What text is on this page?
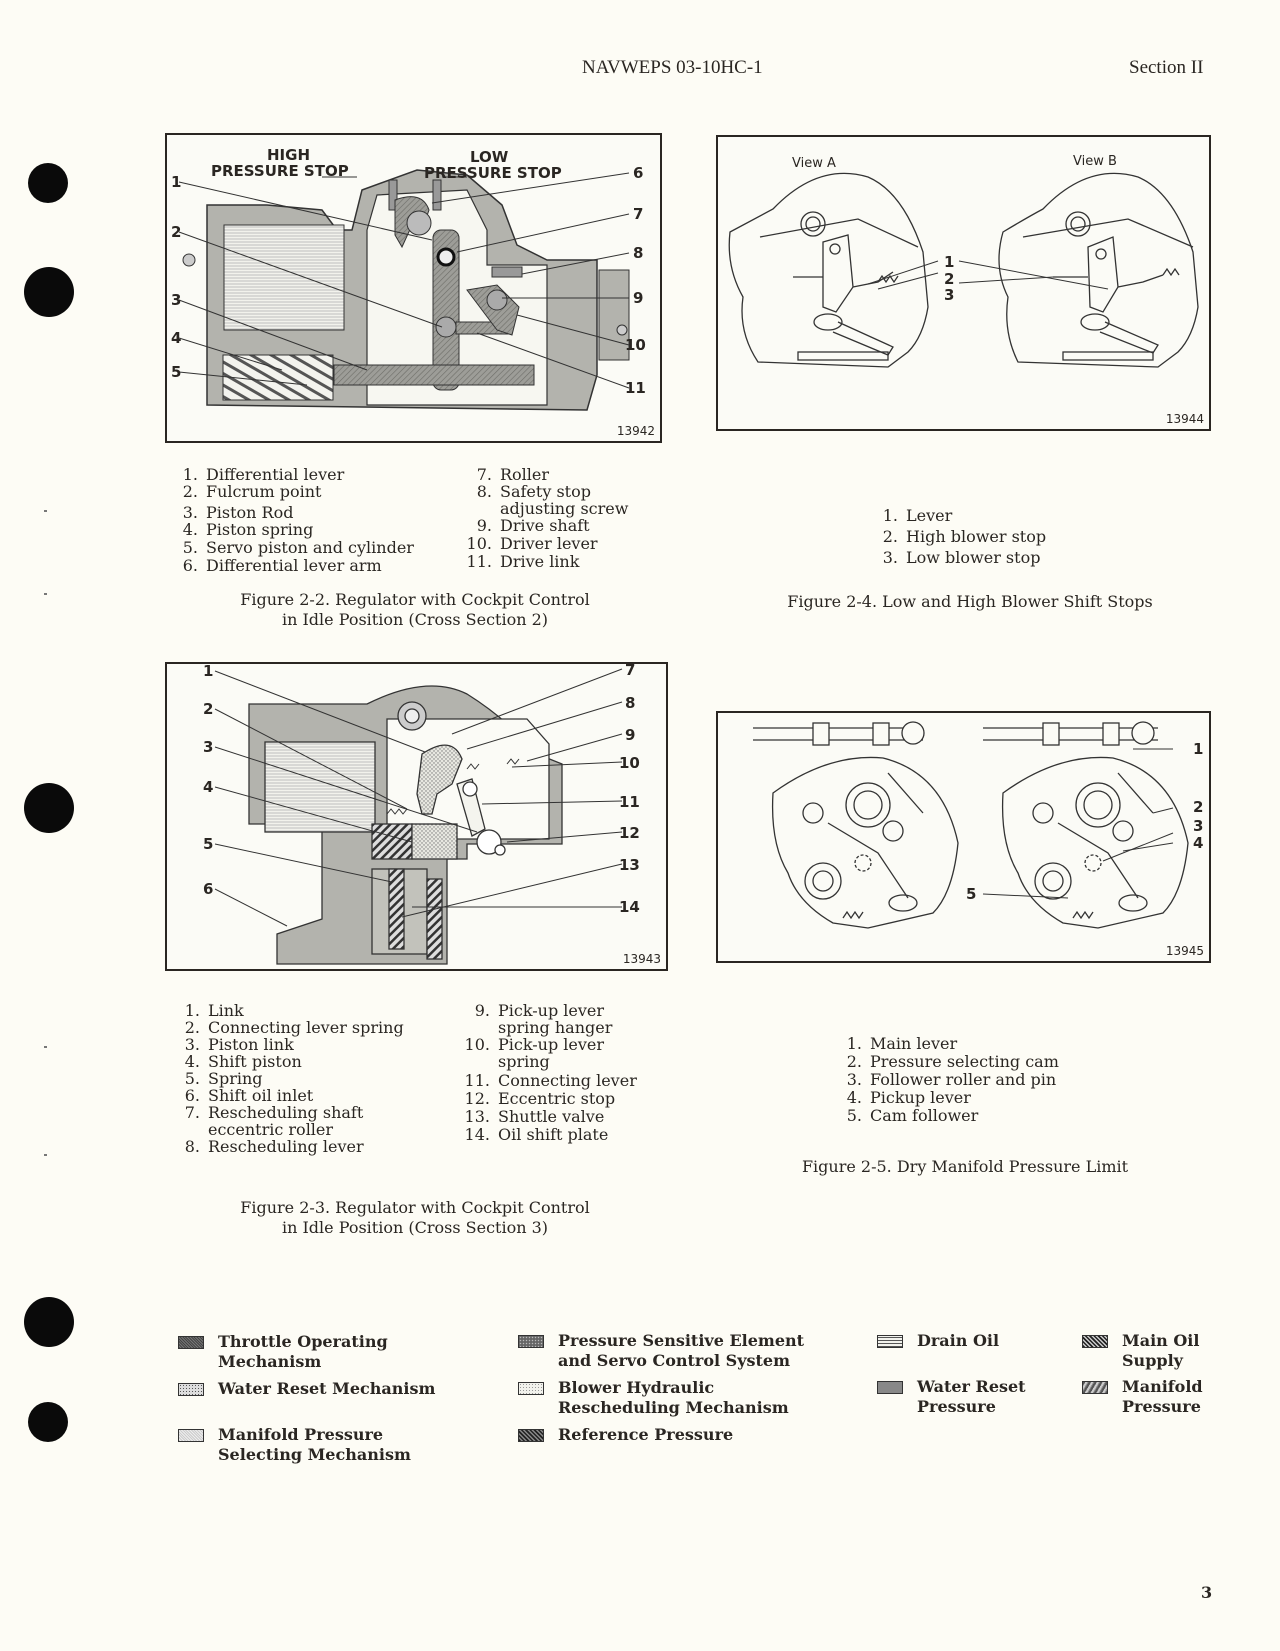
NAVWEPS 03-10HC-1	Section II
HIGH
PRESSURE STOP
LOW
PRESSURE STOP
1
2
3
4
5
6
7
8
9
10
11
13942
1. Differential lever
2. Fulcrum point
3. Piston Rod
4. Piston spring
5. Servo piston and cylinder
6. Differential lever arm
7. Roller
8. Safety stop
adjusting screw
9. Drive shaft
10. Driver lever
11. Drive link
Figure 2-2. Regulator with Cockpit Control
in Idle Position (Cross Section 2)
View A	View B
1
2
3
13944
1. Lever
2. High blower stop
3. Low blower stop
Figure 2-4. Low and High Blower Shift Stops
1
2
3
4
5
6
7
8
9
10
11
12
13
14
13943
1. Link
2. Connecting lever spring
3. Piston link
4. Shift piston
5. Spring
6. Shift oil inlet
7. Rescheduling shaft
eccentric roller
8. Rescheduling lever
9. Pick-up lever
spring hanger
10. Pick-up lever
spring
11. Connecting lever
12. Eccentric stop
13. Shuttle valve
14. Oil shift plate
Figure 2-3. Regulator with Cockpit Control
in Idle Position (Cross Section 3)
1
2
3
4
5
13945
1. Main lever
2. Pressure selecting cam
3. Follower roller and pin
4. Pickup lever
5. Cam follower
Figure 2-5. Dry Manifold Pressure Limit
Throttle Operating
Mechanism
Water Reset Mechanism
Manifold Pressure
Selecting Mechanism
Pressure Sensitive Element
and Servo Control System
Blower Hydraulic
Rescheduling Mechanism
Reference Pressure
Drain Oil
Water Reset
Pressure
Main Oil
Supply
Manifold
Pressure
3
